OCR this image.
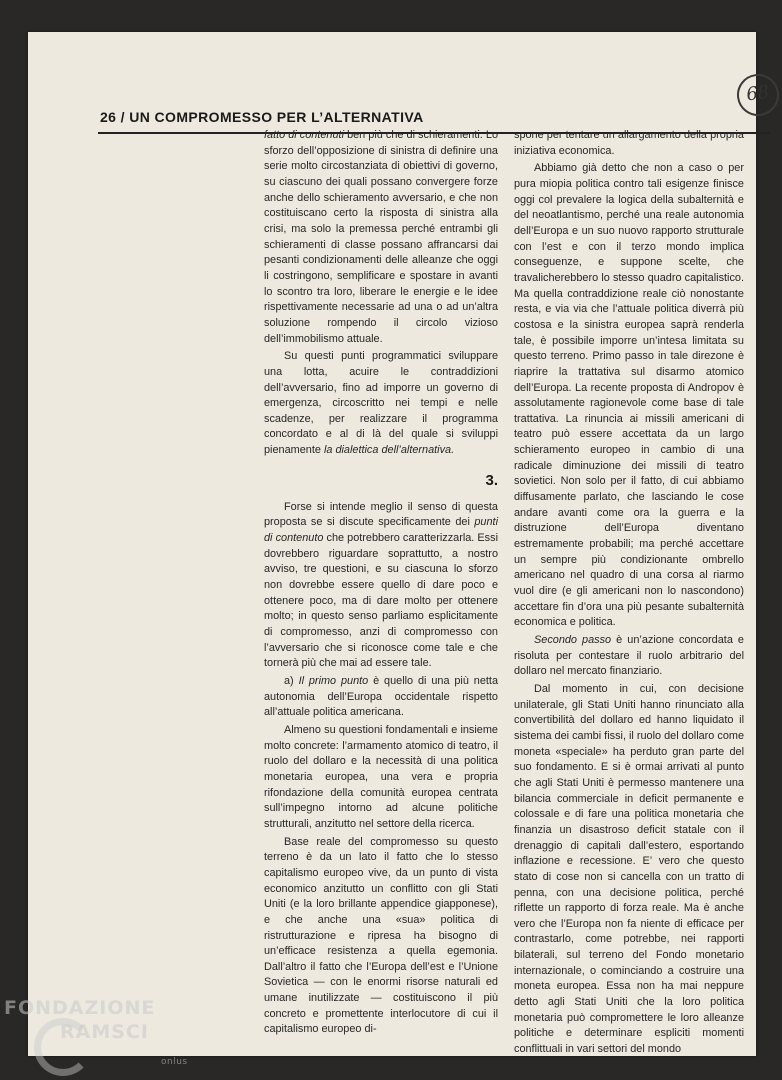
68
26 / UN COMPROMESSO PER L’ALTERNATIVA

fatto di contenuti ben più che di schieramenti. Lo sforzo dell’opposizione di sinistra di definire una serie molto circostanziata di obiettivi di governo, su ciascuno dei quali possano convergere forze anche dello schieramento avversario, e che non costituiscano certo la risposta di sinistra alla crisi, ma solo la premessa perché entrambi gli schieramenti di classe possano affrancarsi dai pesanti condizionamenti delle alleanze che oggi li costringono, semplificare e spostare in avanti lo scontro tra loro, liberare le energie e le idee rispettivamente necessarie ad una o ad un’altra soluzione rompendo il circolo vizioso dell’immobilismo attuale.

Su questi punti programmatici sviluppare una lotta, acuire le contraddizioni dell’avversario, fino ad imporre un governo di emergenza, circoscritto nei tempi e nelle scadenze, per realizzare il programma concordato e al di là del quale si sviluppi pienamente la dialettica dell’alternativa.

3.

Forse si intende meglio il senso di questa proposta se si discute specificamente dei punti di contenuto che potrebbero caratterizzarla. Essi dovrebbero riguardare soprattutto, a nostro avviso, tre questioni, e su ciascuna lo sforzo non dovrebbe essere quello di dare poco e ottenere poco, ma di dare molto per ottenere molto; in questo senso parliamo esplicitamente di compromesso, anzi di compromesso con l’avversario che si riconosce come tale e che tornerà più che mai ad essere tale.

a) Il primo punto è quello di una più netta autonomia dell’Europa occidentale rispetto all’attuale politica americana.

Almeno su questioni fondamentali e insieme molto concrete: l’armamento atomico di teatro, il ruolo del dollaro e la necessità di una politica monetaria europea, una vera e propria rifondazione della comunità europea centrata sull’impegno intorno ad alcune politiche strutturali, anzitutto nel settore della ricerca.

Base reale del compromesso su questo terreno è da un lato il fatto che lo stesso capitalismo europeo vive, da un punto di vista economico anzitutto un conflitto con gli Stati Uniti (e la loro brillante appendice giapponese), e che anche una «sua» politica di ristrutturazione e ripresa ha bisogno di un’efficace resistenza a quella egemonia. Dall’altro il fatto che l’Europa dell’est e l’Unione Sovietica — con le enormi risorse naturali ed umane inutilizzate — costituiscono il più concreto e promettente interlocutore di cui il capitalismo europeo di-

spone per tentare un allargamento della propria iniziativa economica.

Abbiamo già detto che non a caso o per pura miopia politica contro tali esigenze finisce oggi col prevalere la logica della subalternità e del neoatlantismo, perché una reale autonomia dell’Europa e un suo nuovo rapporto strutturale con l’est e con il terzo mondo implica conseguenze, e suppone scelte, che travalicherebbero lo stesso quadro capitalistico. Ma quella contraddizione reale ciò nonostante resta, e via via che l’attuale politica diverrà più costosa e la sinistra europea saprà renderla tale, è possibile imporre un’intesa limitata su questo terreno. Primo passo in tale direzone è riaprire la trattativa sul disarmo atomico dell’Europa. La recente proposta di Andropov è assolutamente ragionevole come base di tale trattativa. La rinuncia ai missili americani di teatro può essere accettata da un largo schieramento europeo in cambio di una radicale diminuzione dei missili di teatro sovietici. Non solo per il fatto, di cui abbiamo diffusamente parlato, che lasciando le cose andare avanti come ora la guerra e la distruzione dell’Europa diventano estremamente probabili; ma perché accettare un sempre più condizionante ombrello americano nel quadro di una corsa al riarmo vuol dire (e gli americani non lo nascondono) accettare fin d’ora una più pesante subalternità economica e politica.

Secondo passo è un’azione concordata e risoluta per contestare il ruolo arbitrario del dollaro nel mercato finanziario.

Dal momento in cui, con decisione unilaterale, gli Stati Uniti hanno rinunciato alla convertibilità del dollaro ed hanno liquidato il sistema dei cambi fissi, il ruolo del dollaro come moneta «speciale» ha perduto gran parte del suo fondamento. E si è ormai arrivati al punto che agli Stati Uniti è permesso mantenere una bilancia commerciale in deficit permanente e colossale e di fare una politica monetaria che finanzia un disastroso deficit statale con il drenaggio di capitali dall’estero, esportando inflazione e recessione. E’ vero che questo stato di cose non si cancella con un tratto di penna, con una decisione politica, perché riflette un rapporto di forza reale. Ma è anche vero che l’Europa non fa niente di efficace per contrastarlo, come potrebbe, nei rapporti bilaterali, sul terreno del Fondo monetario internazionale, o cominciando a costruire una moneta europea. Essa non ha mai neppure detto agli Stati Uniti che la loro politica monetaria può compromettere le loro alleanze politiche e determinare espliciti momenti conflittuali in vari settori del mondo

FONDAZIONE
RAMSCI
onlus
